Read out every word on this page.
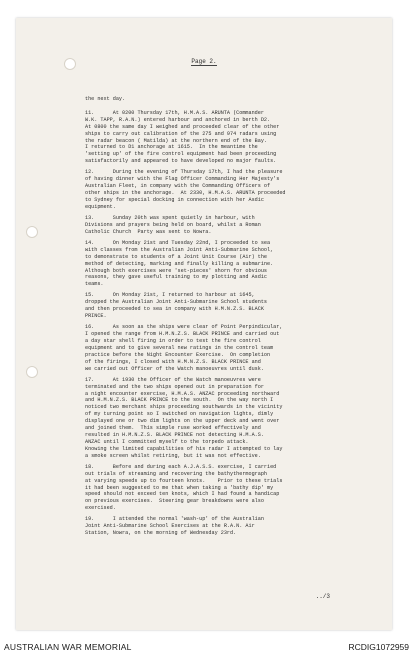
Page 2.
the next day.
11.      At 0200 Thursday 17th, H.M.A.S. ARUNTA (Commander
W.K. TAPP, R.A.N.) entered harbour and anchored in berth D2.
At 0800 the same day I weighed and proceeded clear of the other
ships to carry out calibration of the 275 and 974 radars using
the radar beacon ( Matilda) at the northern end of the Bay.
I returned to D1 anchorage at 1615.  In the meantime the
'setting up' of the fire control equipment had been proceeding
satisfactorily and appeared to have developed no major faults.
12.      During the evening of Thursday 17th, I had the pleasure
of having dinner with the Flag Officer Commanding Her Majesty's
Australian Fleet, in company with the Commanding Officers of
other ships in the anchorage.  At 2330, H.M.A.S. ARUNTA proceeded
to Sydney for special docking in connection with her Asdic
equipment.
13.      Sunday 20th was spent quietly in harbour, with
Divisions and prayers being held on board, whilst a Roman
Catholic Church  Party was sent to Nowra.
14.      On Monday 21st and Tuesday 22nd, I proceeded to sea
with classes from the Australian Joint Anti-Submarine School,
to demonstrate to students of a Joint Unit Course (Air) the
method of detecting, marking and finally killing a submarine.
Although both exercises were 'set-pieces' shorn for obvious
reasons, they gave useful training to my plotting and Asdic
teams.
15.      On Monday 21st, I returned to harbour at 1645,
dropped the Australian Joint Anti-Submarine School students
and then proceeded to sea in company with H.M.N.Z.S. BLACK
PRINCE.
16.      As soon as the ships were clear of Point Perpindicular,
I opened the range from H.M.N.Z.S. BLACK PRINCE and carried out
a day star shell firing in order to test the fire control
equipment and to give several new ratings in the control team
practice before the Night Encounter Exercise.  On completion
of the firings, I closed with H.M.N.Z.S. BLACK PRINCE and
we carried out Officer of the Watch manoeuvres until dusk.
17.      At 1930 the Officer of the Watch manoeuvres were
terminated and the two ships opened out in preparation for
a night encounter exercise, H.M.A.S. ANZAC proceeding northward
and H.M.N.Z.S. BLACK PRINCE to the south.  On the way north I
noticed two merchant ships proceeding southwards in the vicinity
of my turning point so I switched on navigation lights, dimly
displayed one or two dim lights on the upper deck and went over
and joined them.  This simple ruse worked effectively and
resulted in H.M.N.Z.S. BLACK PRINCE not detecting H.M.A.S.
ANZAC until I committed myself to the torpedo attack.
Knowing the limited capabilities of his radar I attempted to lay
a smoke screen whilst retiring, but it was not effective.
18.      Before and during each A.J.A.S.S. exercise, I carried
out trials of streaming and recovering the bathythermograph
at varying speeds up to fourteen knots.    Prior to these trials
it had been suggested to me that when taking a 'bathy dip' my
speed should not exceed ten knots, which I had found a handicap
on previous exercises.  Steering gear breakdowns were also
exercised.
19.      I attended the normal 'wash-up' of the Australian
Joint Anti-Submarine School Exercises at the R.A.N. Air
Station, Nowra, on the morning of Wednesday 23rd.
../3
AUSTRALIAN WAR MEMORIAL	RCDIG1072959
